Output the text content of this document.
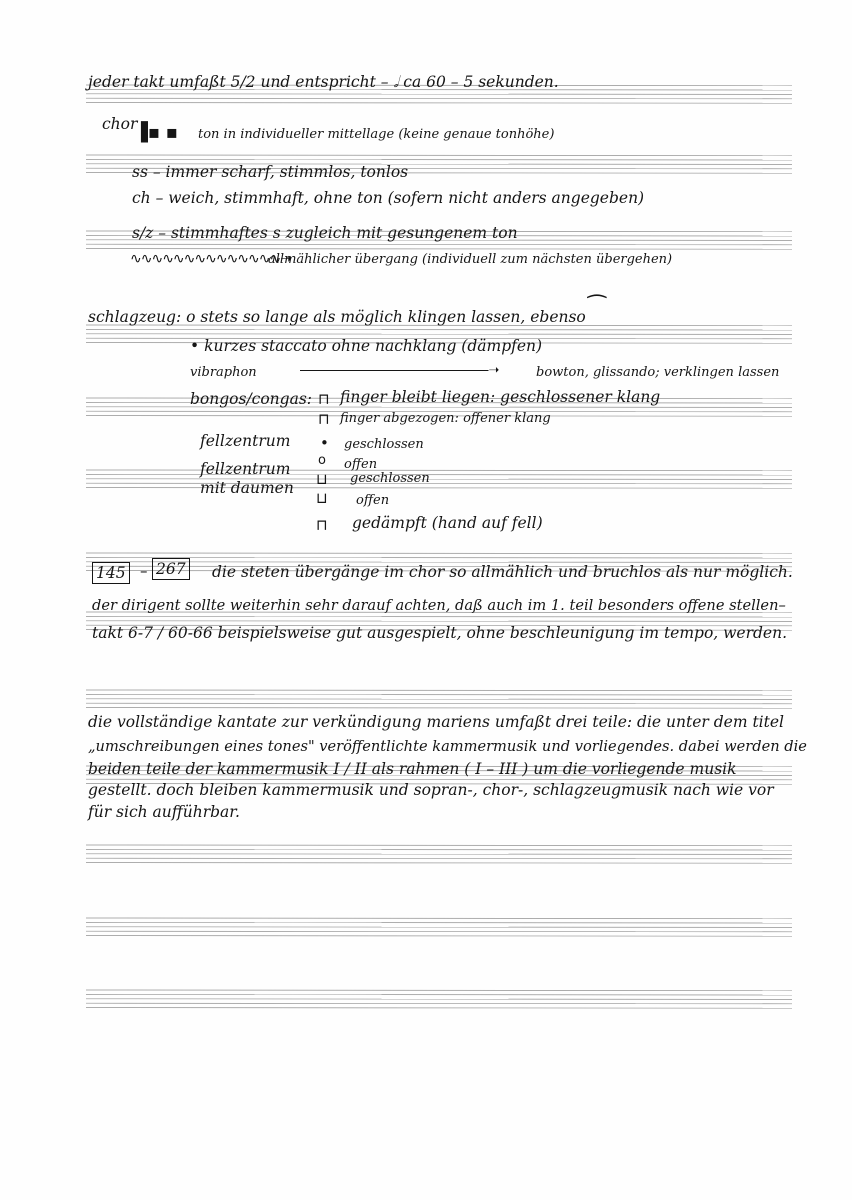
jeder takt umfaßt 5/2 und entspricht – 𝅗𝅥 ca 60 – 5 sekunden.
chor
▐▪ ▪ ton in individueller mittellage (keine genaue tonhöhe)
ss – immer scharf, stimmlos, tonlos
ch – weich, stimmhaft, ohne ton (sofern nicht anders angegeben)
s/z – stimmhaftes s zugleich mit gesungenem ton
∿∿∿∿∿∿∿∿∿∿∿∿∿∿➝
allmählicher übergang (individuell zum nächsten übergehen)
schlagzeug: o stets so lange als möglich klingen lassen, ebenso ⁀
• kurzes staccato ohne nachklang (dämpfen)
vibraphon	⎯⎯⎯⎯⎯⎯⎯⎯⎯⎯⎯⎯⎯⎯⎯⎯⎯⎯⎯⎯⎯⎯⎯⎯⎯⎯⎯⎯⎯➝	bowton, glissando; verklingen lassen
bongos/congas: ⊓ finger bleibt liegen: geschlossener klang
⊓ finger abgezogen: offener klang
fellzentrum • geschlossen
o offen
fellzentrum
mit daumen ⊔ geschlossen
⊔ offen
⊓ gedämpft (hand auf fell)
145 – 267 die steten übergänge im chor so allmählich und bruchlos als nur möglich.
der dirigent sollte weiterhin sehr darauf achten, daß auch im 1. teil besonders offene stellen–
takt 6-7 / 60-66 beispielsweise gut ausgespielt, ohne beschleunigung im tempo, werden.
die vollständige kantate zur verkündigung mariens umfaßt drei teile: die unter dem titel
„umschreibungen eines tones" veröffentlichte kammermusik und vorliegendes. dabei werden die
beiden teile der kammermusik I / II als rahmen ( I – III ) um die vorliegende musik
gestellt. doch bleiben kammermusik und sopran-, chor-, schlagzeugmusik nach wie vor
für sich aufführbar.
